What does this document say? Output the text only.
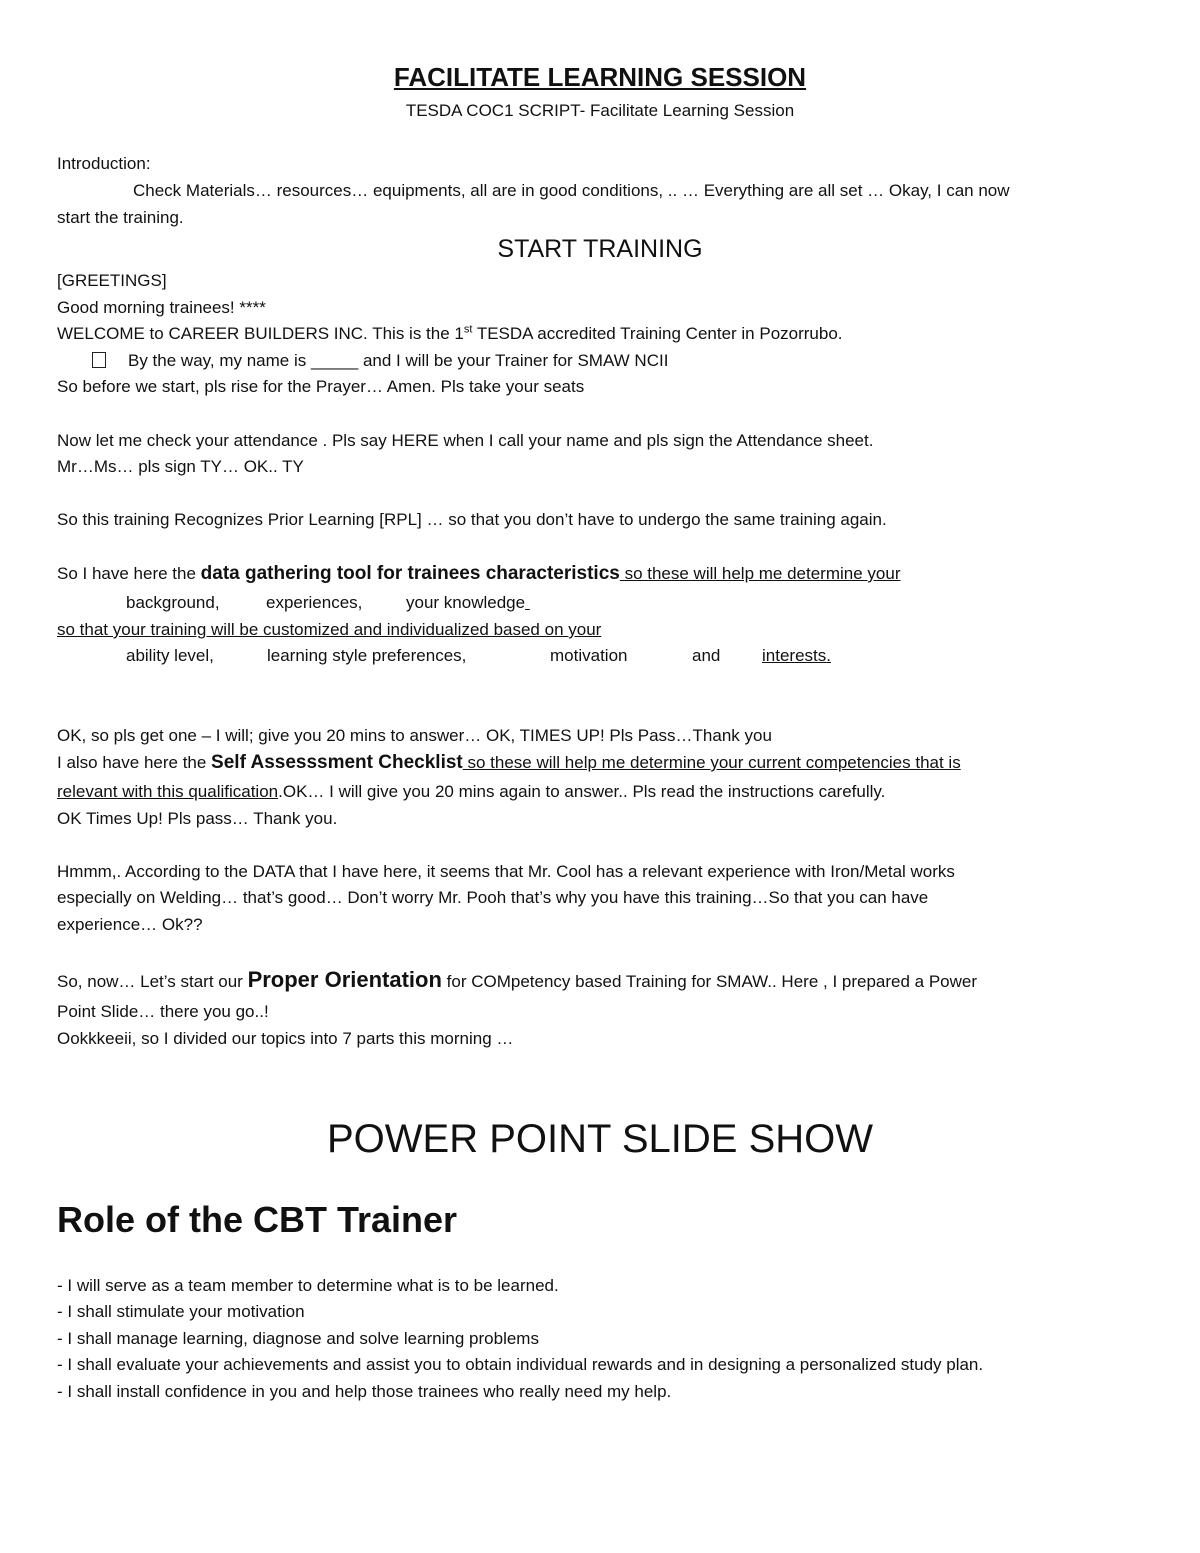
FACILITATE LEARNING SESSION
TESDA COC1 SCRIPT- Facilitate Learning Session
Introduction:
Check Materials… resources… equipments, all are in good conditions, .. … Everything are all set … Okay, I can now
start the training.
START TRAINING
[GREETINGS]
Good morning trainees! ****
WELCOME to CAREER BUILDERS INC. This is the 1st TESDA accredited Training Center in Pozorrubo.
By the way, my name is _____ and I will be your Trainer for SMAW NCII
So before we start, pls rise for the Prayer… Amen. Pls take your seats
Now let me check your attendance . Pls say HERE when I call your name and pls sign the Attendance sheet.
Mr…Ms… pls sign TY… OK.. TY
So this training Recognizes Prior Learning [RPL] … so that you don’t have to undergo the same training again.
So I have here the data gathering tool for trainees characteristics so these will help me determine your
background,	experiences,	your knowledge
so that your training will be customized and individualized based on your
ability level,	learning style preferences,	motivation	and interests.
OK, so pls get one – I will; give you 20 mins to answer… OK, TIMES UP! Pls Pass…Thank you
I also have here the Self Assesssment Checklist so these will help me determine your current competencies that is
relevant with this qualification.OK… I will give you 20 mins again to answer.. Pls read the instructions carefully.
OK Times Up! Pls pass… Thank you.
Hmmm,. According to the DATA that I have here, it seems that Mr. Cool has a relevant experience with Iron/Metal works
especially on Welding… that’s good… Don’t worry Mr. Pooh that’s why you have this training…So that you can have
experience… Ok??
So, now… Let’s start our Proper Orientation for COMpetency based Training for SMAW.. Here , I prepared a Power
Point Slide… there you go..!
Ookkkeeii, so I divided our topics into 7 parts this morning …
POWER POINT SLIDE SHOW
Role of the CBT Trainer
- I will serve as a team member to determine what is to be learned.
- I shall stimulate your motivation
- I shall manage learning, diagnose and solve learning problems
- I shall evaluate your achievements and assist you to obtain individual rewards and in designing a personalized study plan.
- I shall install confidence in you and help those trainees who really need my help.
